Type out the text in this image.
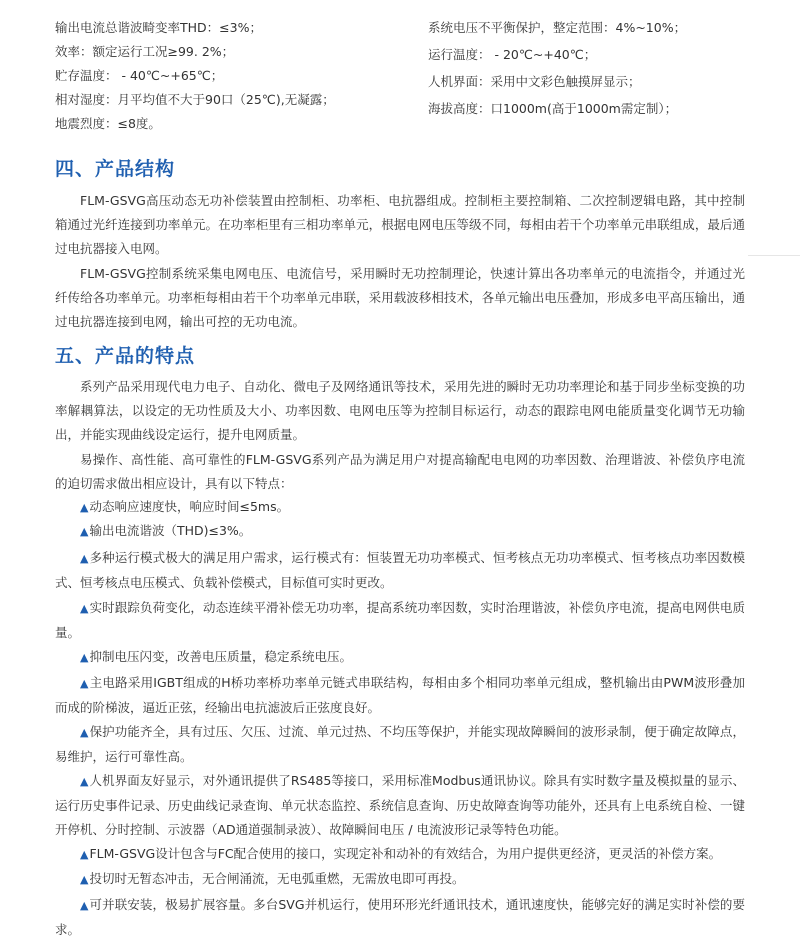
输出电流总谐波畸变率THD：≤3%；
效率：额定运行工况≥99. 2%；
贮存温度： - 40℃~+65℃；
相对湿度：月平均值不大于90口（25℃),无凝露；
地震烈度：≤8度。
系统电压不平衡保护，整定范围：4%~10%；
运行温度： - 20℃~+40℃；
人机界面：采用中文彩色触摸屏显示；
海拔高度：口1000m(高于1000m需定制）；
四、产品结构

FLM-GSVG高压动态无功补偿装置由控制柜、功率柜、电抗器组成。控制柜主要控制箱、二次控制逻辑电路，其中控制箱通过光纤连接到功率单元。在功率柜里有三相功率单元，根据电网电压等级不同，每相由若干个功率单元串联组成，最后通过电抗器接入电网。

FLM-GSVG控制系统采集电网电压、电流信号，采用瞬时无功控制理论，快速计算出各功率单元的电流指令，并通过光纤传给各功率单元。功率柜每相由若干个功率单元串联，采用载波移相技术，各单元输出电压叠加，形成多电平高压输出，通过电抗器连接到电网，输出可控的无功电流。

五、产品的特点

系列产品采用现代电力电子、自动化、微电子及网络通讯等技术，采用先进的瞬时无功功率理论和基于同步坐标变换的功率解耦算法，以设定的无功性质及大小、功率因数、电网电压等为控制目标运行，动态的跟踪电网电能质量变化调节无功输出，并能实现曲线设定运行，提升电网质量。

易操作、高性能、高可靠性的FLM-GSVG系列产品为满足用户对提高输配电电网的功率因数、治理谐波、补偿负序电流的迫切需求做出相应设计，具有以下特点：

▲动态响应速度快，响应时间≤5ms。

▲输出电流谐波（THD)≤3%。

▲多种运行模式极大的满足用户需求，运行模式有：恒装置无功功率模式、恒考核点无功功率模式、恒考核点功率因数模式、恒考核点电压模式、负载补偿模式，目标值可实时更改。

▲实时跟踪负荷变化，动态连续平滑补偿无功功率，提高系统功率因数，实时治理谐波，补偿负序电流，提高电网供电质量。

▲抑制电压闪变，改善电压质量，稳定系统电压。

▲主电路采用IGBT组成的H桥功率桥功率单元链式串联结构，每相由多个相同功率单元组成，整机输出由PWM波形叠加而成的阶梯波，逼近正弦，经输出电抗滤波后正弦度良好。

▲保护功能齐全，具有过压、欠压、过流、单元过热、不均压等保护，并能实现故障瞬间的波形录制，便于确定故障点，易维护，运行可靠性高。

▲人机界面友好显示，对外通讯提供了RS485等接口，采用标准Modbus通讯协议。除具有实时数字量及模拟量的显示、运行历史事件记录、历史曲线记录查询、单元状态监控、系统信息查询、历史故障查询等功能外，还具有上电系统自检、一键开停机、分时控制、示波器（AD通道强制录波）、故障瞬间电压 / 电流波形记录等特色功能。

▲FLM-GSVG设计包含与FC配合使用的接口，实现定补和动补的有效结合，为用户提供更经济，更灵活的补偿方案。

▲投切时无暂态冲击，无合闸涌流，无电弧重燃，无需放电即可再投。

▲可并联安装，极易扩展容量。多台SVG并机运行，使用环形光纤通讯技术，通讯速度快，能够完好的满足实时补偿的要求。
